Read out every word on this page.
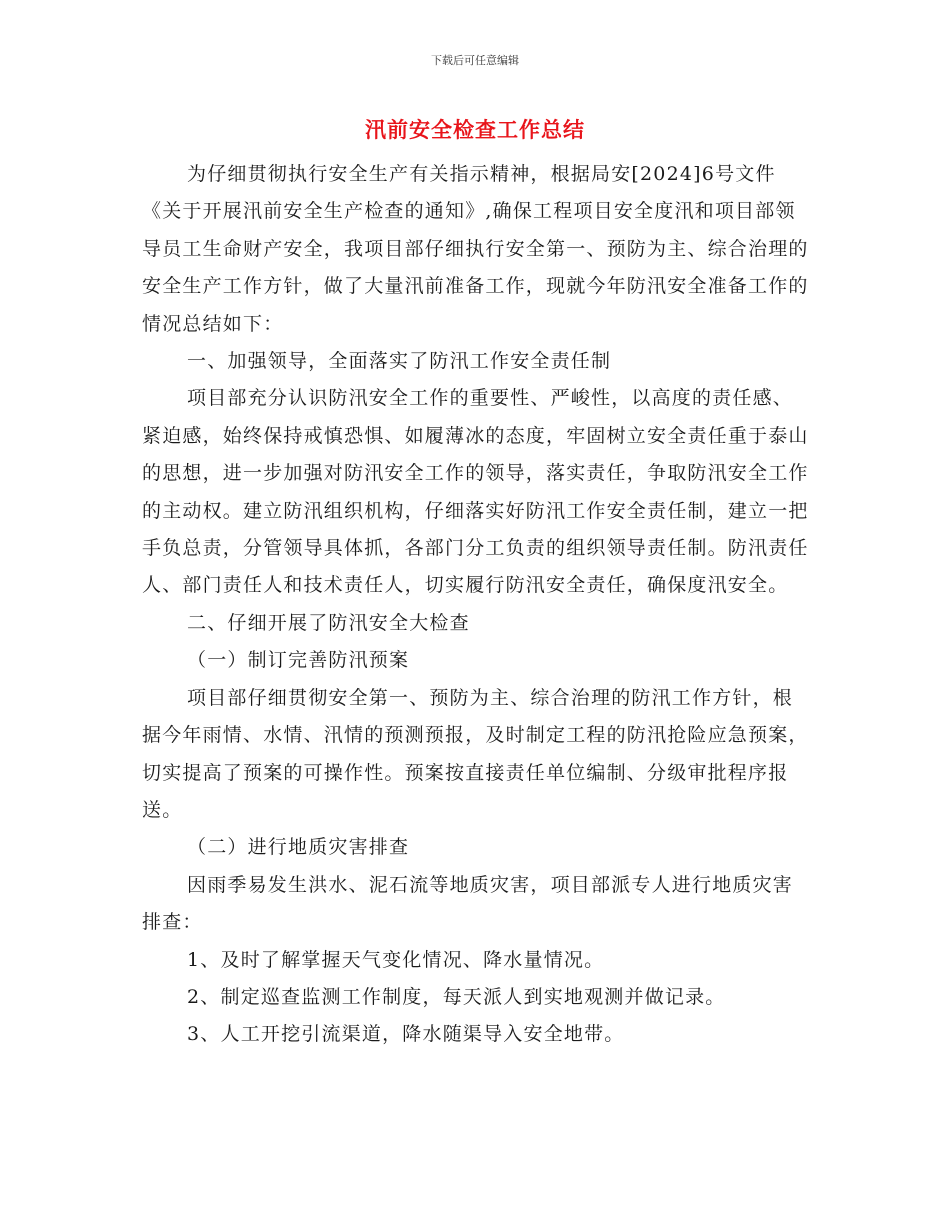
下载后可任意编辑
汛前安全检查工作总结

为仔细贯彻执行安全生产有关指示精神，根据局安[2024]6号文件《关于开展汛前安全生产检查的通知》,确保工程项目安全度汛和项目部领导员工生命财产安全，我项目部仔细执行安全第一、预防为主、综合治理的安全生产工作方针，做了大量汛前准备工作，现就今年防汛安全准备工作的情况总结如下：

一、加强领导，全面落实了防汛工作安全责任制

项目部充分认识防汛安全工作的重要性、严峻性，以高度的责任感、紧迫感，始终保持戒慎恐惧、如履薄冰的态度，牢固树立安全责任重于泰山的思想，进一步加强对防汛安全工作的领导，落实责任，争取防汛安全工作的主动权。建立防汛组织机构，仔细落实好防汛工作安全责任制，建立一把手负总责，分管领导具体抓，各部门分工负责的组织领导责任制。防汛责任人、部门责任人和技术责任人，切实履行防汛安全责任，确保度汛安全。

二、仔细开展了防汛安全大检查

（一）制订完善防汛预案

项目部仔细贯彻安全第一、预防为主、综合治理的防汛工作方针，根据今年雨情、水情、汛情的预测预报，及时制定工程的防汛抢险应急预案，切实提高了预案的可操作性。预案按直接责任单位编制、分级审批程序报送。

（二）进行地质灾害排查

因雨季易发生洪水、泥石流等地质灾害，项目部派专人进行地质灾害排查：

1、及时了解掌握天气变化情况、降水量情况。

2、制定巡查监测工作制度，每天派人到实地观测并做记录。

3、人工开挖引流渠道，降水随渠导入安全地带。
